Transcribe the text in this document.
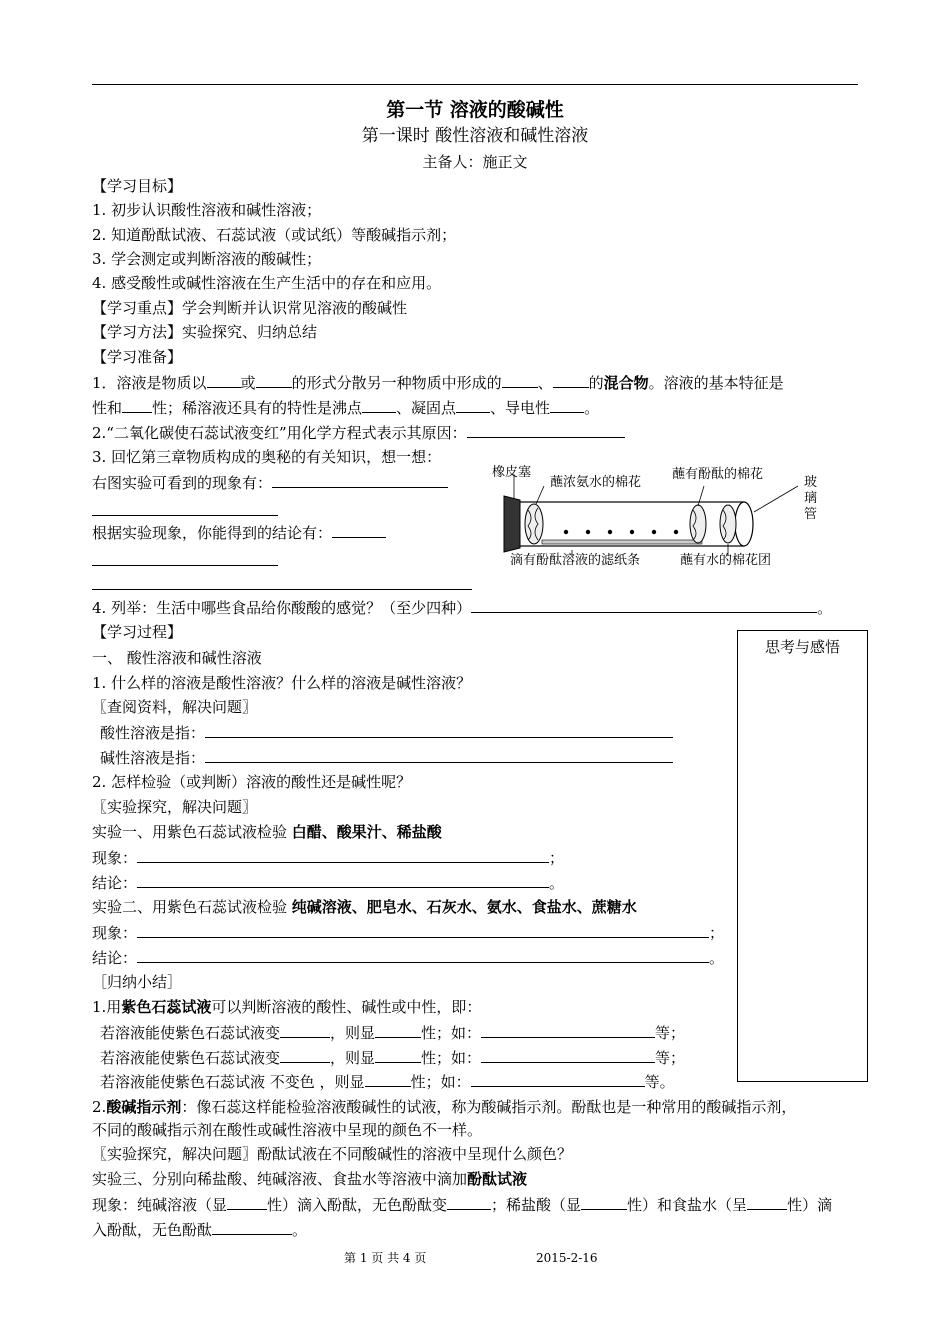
第一节 溶液的酸碱性
第一课时 酸性溶液和碱性溶液
主备人：施正文
【学习目标】
1. 初步认识酸性溶液和碱性溶液；
2. 知道酚酞试液、石蕊试液（或试纸）等酸碱指示剂；
3. 学会测定或判断溶液的酸碱性；
4. 感受酸性或碱性溶液在生产生活中的存在和应用。
【学习重点】学会判断并认识常见溶液的酸碱性
【学习方法】实验探究、归纳总结
【学习准备】
1．溶液是物质以 或 的形式分散另一种物质中形成的 、 的混合物。溶液的基本特征是
性和 性；稀溶液还具有的特性是沸点 、凝固点 、导电性 。
2.“二氧化碳使石蕊试液变红”用化学方程式表示其原因：
3. 回忆第三章物质构成的奥秘的有关知识，想一想：
右图实验可看到的现象有：
根据实验现象，你能得到的结论有：
橡皮塞
蘸浓氨水的棉花
蘸有酚酞的棉花
玻
璃
管
滴有酚酞溶液的滤纸条	蘸有水的棉花团
4. 列举：生活中哪些食品给你酸酸的感觉？（至少四种）	。
【学习过程】
思考与感悟
一、 酸性溶液和碱性溶液
1. 什么样的溶液是酸性溶液？什么样的溶液是碱性溶液？
〖查阅资料，解决问题〗
酸性溶液是指：
碱性溶液是指：
2. 怎样检验（或判断）溶液的酸性还是碱性呢？
〖实验探究，解决问题〗
实验一、用紫色石蕊试液检验 白醋、酸果汁、稀盐酸
现象：	；
结论：	。
实验二、用紫色石蕊试液检验 纯碱溶液、肥皂水、石灰水、氨水、食盐水、蔗糖水
现象：	；
结论：	。
［归纳小结］
1.用紫色石蕊试液可以判断溶液的酸性、碱性或中性，即：
若溶液能使紫色石蕊试液变	，则显	性；如：	等；
若溶液能使紫色石蕊试液变	，则显	性；如：	等；
若溶液能使紫色石蕊试液 不变色 ，则显	性；如：	等。
2.酸碱指示剂：像石蕊这样能检验溶液酸碱性的试液，称为酸碱指示剂。酚酞也是一种常用的酸碱指示剂，
不同的酸碱指示剂在酸性或碱性溶液中呈现的颜色不一样。
〖实验探究，解决问题〗酚酞试液在不同酸碱性的溶液中呈现什么颜色？
实验三、分别向稀盐酸、纯碱溶液、食盐水等溶液中滴加酚酞试液
现象：纯碱溶液（显	性）滴入酚酞，无色酚酞变	；稀盐酸（显	性）和食盐水（呈	性）滴
入酚酞，无色酚酞	。
第 1 页 共 4 页	2015-2-16
